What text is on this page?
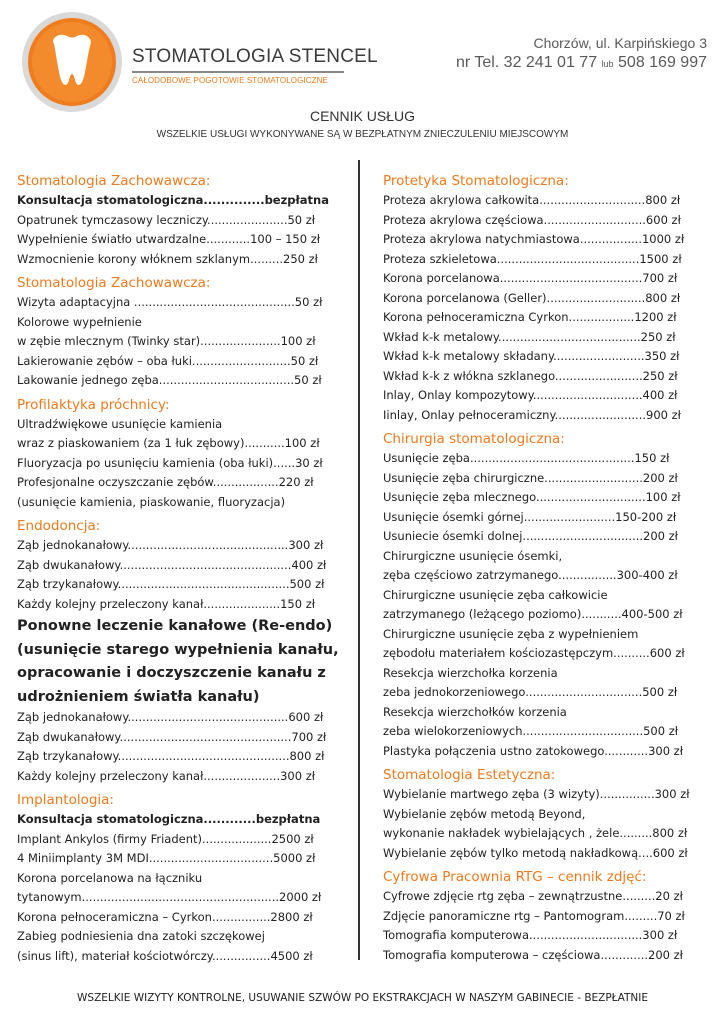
STOMATOLOGIA STENCEL
CAŁODOBOWE POGOTOWIE STOMATOLOGICZNE
Chorzów, ul. Karpińskiego 3
nr Tel. 32 241 01 77 lub 508 169 997
CENNIK USŁUG
WSZELKIE USŁUGI WYKONYWANE SĄ W BEZPŁATNYM ZNIECZULENIU MIEJSCOWYM
Stomatologia Zachowawcza:
Konsultacja stomatologiczna..............bezpłatna
Opatrunek tymczasowy leczniczy......................50 zł
Wypełnienie światło utwardzalne............100 – 150 zł
Wzmocnienie korony włóknem szklanym.........250 zł
Stomatologia Zachowawcza:
Wizyta adaptacyjna ............................................50 zł
Kolorowe wypełnienie
w zębie mlecznym (Twinky star)......................100 zł
Lakierowanie zębów – oba łuki...........................50 zł
Lakowanie jednego zęba.....................................50 zł
Profilaktyka próchnicy:
Ultradźwiękowe usunięcie kamienia
wraz z piaskowaniem (za 1 łuk zębowy)...........100 zł
Fluoryzacja po usunięciu kamienia (oba łuki)......30 zł
Profesjonalne oczyszczanie zębów..................220 zł
(usunięcie kamienia, piaskowanie, fluoryzacja)
Endodoncja:
Ząb jednokanałowy............................................300 zł
Ząb dwukanałowy...............................................400 zł
Ząb trzykanałowy...............................................500 zł
Każdy kolejny przeleczony kanał.....................150 zł
Ponowne leczenie kanałowe (Re-endo)
(usunięcie starego wypełnienia kanału,
opracowanie i doczyszczenie kanału z
udrożnieniem światła kanału)
Ząb jednokanałowy............................................600 zł
Ząb dwukanałowy...............................................700 zł
Ząb trzykanałowy...............................................800 zł
Każdy kolejny przeleczony kanał.....................300 zł
Implantologia:
Konsultacja stomatologiczna............bezpłatna
Implant Ankylos (firmy Friadent)...................2500 zł
4 Miniimplanty 3M MDI..................................5000 zł
Korona porcelanowa na łączniku
tytanowym......................................................2000 zł
Korona pełnoceramiczna – Cyrkon................2800 zł
Zabieg podniesienia dna zatoki szczękowej
(sinus lift), materiał kościotwórczy................4500 zł
Protetyka Stomatologiczna:
Proteza akrylowa całkowita.............................800 zł
Proteza akrylowa częściowa............................600 zł
Proteza akrylowa natychmiastowa.................1000 zł
Proteza szkieletowa.......................................1500 zł
Korona porcelanowa.......................................700 zł
Korona porcelanowa (Geller)...........................800 zł
Korona pełnoceramiczna Cyrkon..................1200 zł
Wkład k-k metalowy.......................................250 zł
Wkład k-k metalowy składany.........................350 zł
Wkład k-k z włókna szklanego........................250 zł
Inlay, Onlay kompozytowy..............................400 zł
Iinlay, Onlay pełnoceramiczny.........................900 zł
Chirurgia stomatologiczna:
Usunięcie zęba.............................................150 zł
Usunięcie zęba chirurgiczne...........................200 zł
Usunięcie zęba mlecznego..............................100 zł
Usunięcie ósemki górnej.........................150-200 zł
Usuniecie ósemki dolnej.................................200 zł
Chirurgiczne usunięcie ósemki,
zęba częściowo zatrzymanego................300-400 zł
Chirurgiczne usunięcie zęba całkowicie
zatrzymanego (leżącego poziomo)...........400-500 zł
Chirurgiczne usunięcie zęba z wypełnieniem
zębodołu materiałem kościozastępczym..........600 zł
Resekcja wierzchołka korzenia
zeba jednokorzeniowego................................500 zł
Resekcja wierzchołków korzenia
zeba wielokorzeniowych.................................500 zł
Plastyka połączenia ustno zatokowego............300 zł
Stomatologia Estetyczna:
Wybielanie martwego zęba (3 wizyty)...............300 zł
Wybielanie zębów metodą Beyond,
wykonanie nakładek wybielających , żele.........800 zł
Wybielanie zębów tylko metodą nakładkową....600 zł
Cyfrowa Pracownia RTG – cennik zdjęć:
Cyfrowe zdjęcie rtg zęba – zewnątrzustne.........20 zł
Zdjęcie panoramiczne rtg – Pantomogram.........70 zł
Tomografia komputerowa...............................300 zł
Tomografia komputerowa – częściowa.............200 zł
WSZELKIE WIZYTY KONTROLNE, USUWANIE SZWÓW PO EKSTRAKCJACH W NASZYM GABINECIE - BEZPŁATNIE
